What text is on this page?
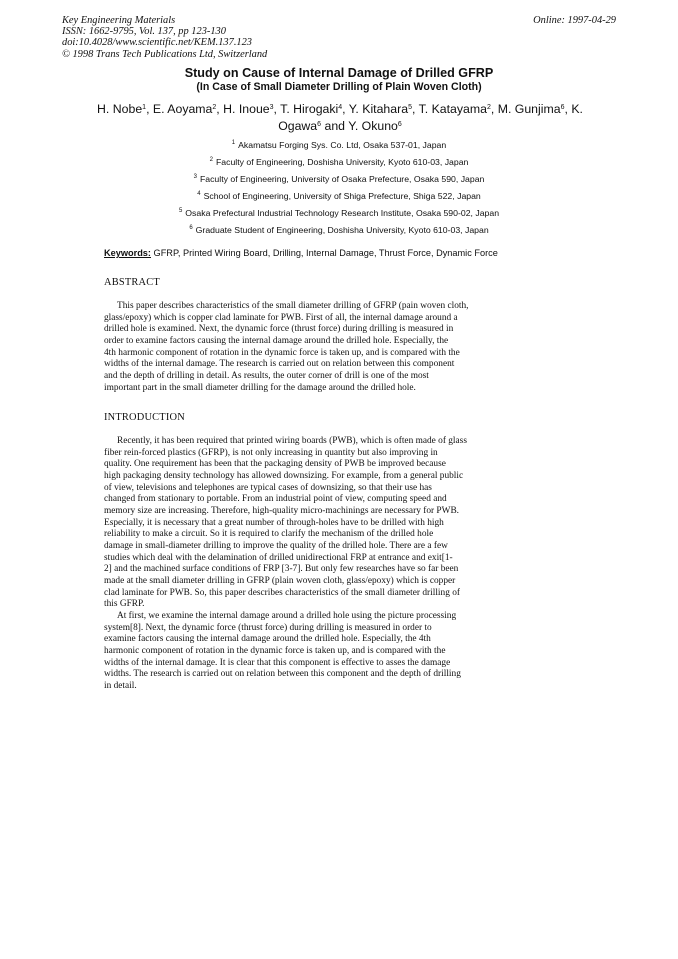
Key Engineering Materials
ISSN: 1662-9795, Vol. 137, pp 123-130
doi:10.4028/www.scientific.net/KEM.137.123
© 1998 Trans Tech Publications Ltd, Switzerland
Online: 1997-04-29
Study on Cause of Internal Damage of Drilled GFRP
(In Case of Small Diameter Drilling of Plain Woven Cloth)
H. Nobe$^1$, E. Aoyama$^2$, H. Inoue$^3$, T. Hirogaki$^4$, Y. Kitahara$^5$, T. Katayama$^2$, M. Gunjima$^6$, K. Ogawa$^6$ and Y. Okuno$^6$
$^1$ Akamatsu Forging Sys. Co. Ltd, Osaka 537-01, Japan
$^2$ Faculty of Engineering, Doshisha University, Kyoto 610-03, Japan
$^3$ Faculty of Engineering, University of Osaka Prefecture, Osaka 590, Japan
$^4$ School of Engineering, University of Shiga Prefecture, Shiga 522, Japan
$^5$ Osaka Prefectural Industrial Technology Research Institute, Osaka 590-02, Japan
$^6$ Graduate Student of Engineering, Doshisha University, Kyoto 610-03, Japan
Keywords: GFRP, Printed Wiring Board, Drilling, Internal Damage, Thrust Force, Dynamic Force
ABSTRACT
This paper describes characteristics of the small diameter drilling of GFRP (pain woven cloth,
glass/epoxy) which is copper clad laminate for PWB. First of all, the internal damage around a
drilled hole is examined. Next, the dynamic force (thrust force) during drilling is measured in
order to examine factors causing the internal damage around the drilled hole. Especially, the
4th harmonic component of rotation in the dynamic force is taken up, and is compared with the
widths of the internal damage. The research is carried out on relation between this component
and the depth of drilling in detail. As results, the outer corner of drill is one of the most
important part in the small diameter drilling for the damage around the drilled hole.
INTRODUCTION
Recently, it has been required that printed wiring boards (PWB), which is often made of glass
fiber rein-forced plastics (GFRP), is not only increasing in quantity but also improving in
quality. One requirement has been that the packaging density of PWB be improved because
high packaging density technology has allowed downsizing. For example, from a general public
of view, televisions and telephones are typical cases of downsizing, so that their use has
changed from stationary to portable. From an industrial point of view, computing speed and
memory size are increasing. Therefore, high-quality micro-machinings are necessary for PWB.
Especially, it is necessary that a great number of through-holes have to be drilled with high
reliability to make a circuit. So it is required to clarify the mechanism of the drilled hole
damage in small-diameter drilling to improve the quality of the drilled hole. There are a few
studies which deal with the delamination of drilled unidirectional FRP at entrance and exit[1-
2] and the machined surface conditions of FRP [3-7]. But only few researches have so far been
made at the small diameter drilling in GFRP (plain woven cloth, glass/epoxy) which is copper
clad laminate for PWB. So, this paper describes characteristics of the small diameter drilling of
this GFRP.
At first, we examine the internal damage around a drilled hole using the picture processing
system[8]. Next, the dynamic force (thrust force) during drilling is measured in order to
examine factors causing the internal damage around the drilled hole. Especially, the 4th
harmonic component of rotation in the dynamic force is taken up, and is compared with the
widths of the internal damage. It is clear that this component is effective to asses the damage
widths. The research is carried out on relation between this component and the depth of drilling
in detail.
